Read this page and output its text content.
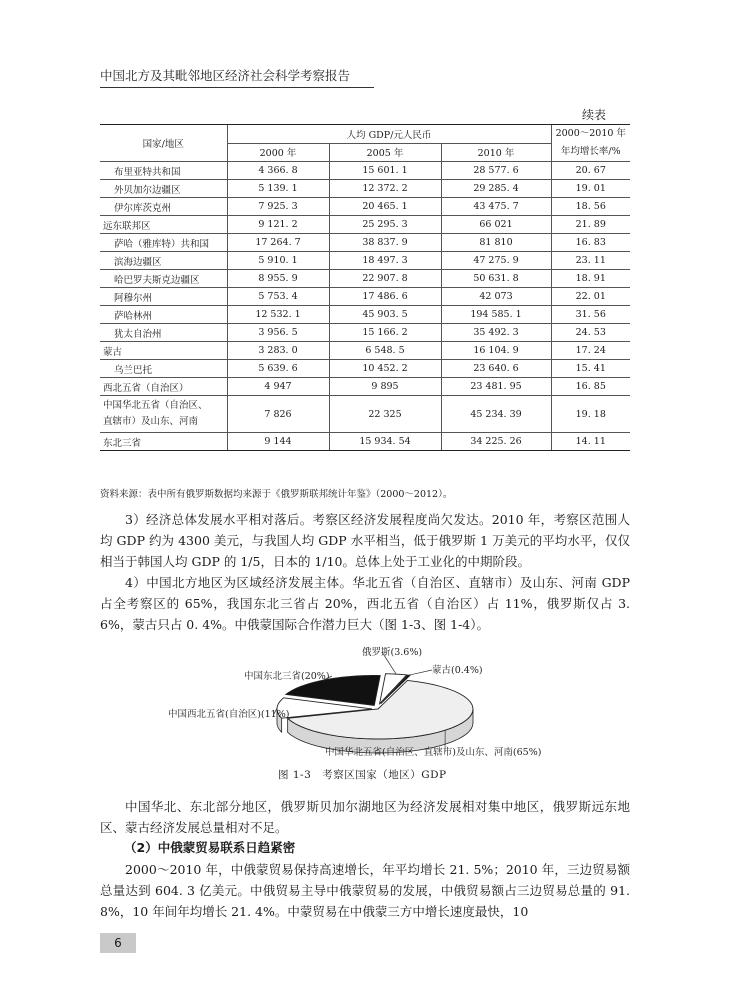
中国北方及其毗邻地区经济社会科学考察报告
续表
国家/地区	人均 GDP/元人民币			2000～2010 年
年均增长率/%
	2000 年	2005 年	2010 年	
布里亚特共和国	4 366. 8	15 601. 1	28 577. 6	20. 67
外贝加尔边疆区	5 139. 1	12 372. 2	29 285. 4	19. 01
伊尔库茨克州	7 925. 3	20 465. 1	43 475. 7	18. 56
远东联邦区	9 121. 2	25 295. 3	66 021	21. 89
萨哈（雅库特）共和国	17 264. 7	38 837. 9	81 810	16. 83
滨海边疆区	5 910. 1	18 497. 3	47 275. 9	23. 11
哈巴罗夫斯克边疆区	8 955. 9	22 907. 8	50 631. 8	18. 91
阿穆尔州	5 753. 4	17 486. 6	42 073	22. 01
萨哈林州	12 532. 1	45 903. 5	194 585. 1	31. 56
犹太自治州	3 956. 5	15 166. 2	35 492. 3	24. 53
蒙古	3 283. 0	6 548. 5	16 104. 9	17. 24
乌兰巴托	5 639. 6	10 452. 2	23 640. 6	15. 41
西北五省（自治区）	4 947	9 895	23 481. 95	16. 85
中国华北五省（自治区、
直辖市）及山东、河南	7 826	22 325	45 234. 39	19. 18
东北三省	9 144	15 934. 54	34 225. 26	14. 11
资料来源：表中所有俄罗斯数据均来源于《俄罗斯联邦统计年鉴》（2000～2012）。
3）经济总体发展水平相对落后。考察区经济发展程度尚欠发达。2010 年，考察区范围人均 GDP 约为 4300 美元，与我国人均 GDP 水平相当，低于俄罗斯 1 万美元的平均水平，仅仅相当于韩国人均 GDP 的 1/5，日本的 1/10。总体上处于工业化的中期阶段。
4）中国北方地区为区域经济发展主体。华北五省（自治区、直辖市）及山东、河南 GDP 占全考察区的 65%，我国东北三省占 20%，西北五省（自治区）占 11%，俄罗斯仅占 3. 6%，蒙古只占 0. 4%。中俄蒙国际合作潜力巨大（图 1-3、图 1-4）。
中国华北五省(自治区、直辖市)及山东、河南(65%)
中国西北五省(自治区)(11%)
中国东北三省(20%)
俄罗斯(3.6%)
蒙古(0.4%)
图 1-3　考察区国家（地区）GDP
中国华北、东北部分地区，俄罗斯贝加尔湖地区为经济发展相对集中地区，俄罗斯远东地区、蒙古经济发展总量相对不足。
（2）中俄蒙贸易联系日趋紧密
2000～2010 年，中俄蒙贸易保持高速增长，年平均增长 21. 5%；2010 年，三边贸易额总量达到 604. 3 亿美元。中俄贸易主导中俄蒙贸易的发展，中俄贸易额占三边贸易总量的 91. 8%，10 年间年均增长 21. 4%。中蒙贸易在中俄蒙三方中增长速度最快，10
6
